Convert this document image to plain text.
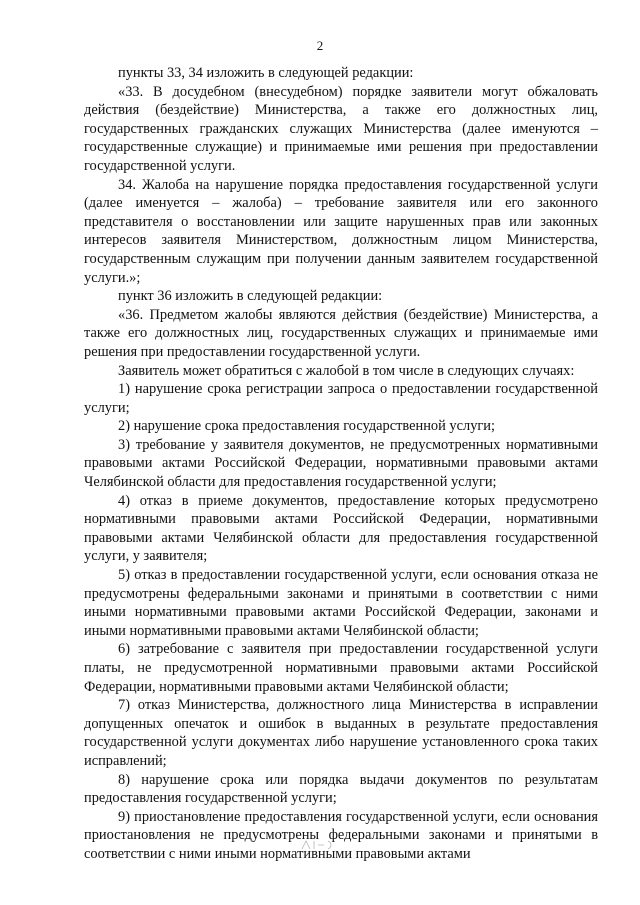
2

пункты 33, 34 изложить в следующей редакции:

«33. В досудебном (внесудебном) порядке заявители могут обжаловать действия (бездействие) Министерства, а также его должностных лиц, государственных гражданских служащих Министерства (далее именуются – государственные служащие) и принимаемые ими решения при предоставлении государственной услуги.

34. Жалоба на нарушение порядка предоставления государственной услуги (далее именуется – жалоба) – требование заявителя или его законного представителя о восстановлении или защите нарушенных прав или законных интересов заявителя Министерством, должностным лицом Министерства, государственным служащим при получении данным заявителем государственной услуги.»;

пункт 36 изложить в следующей редакции:

«36. Предметом жалобы являются действия (бездействие) Министерства, а также его должностных лиц, государственных служащих и принимаемые ими решения при предоставлении государственной услуги.

Заявитель может обратиться с жалобой в том числе в следующих случаях:

1) нарушение срока регистрации запроса о предоставлении государственной услуги;

2) нарушение срока предоставления государственной услуги;

3) требование у заявителя документов, не предусмотренных нормативными правовыми актами Российской Федерации, нормативными правовыми актами Челябинской области для предоставления государственной услуги;

4) отказ в приеме документов, предоставление которых предусмотрено нормативными правовыми актами Российской Федерации, нормативными правовыми актами Челябинской области для предоставления государственной услуги, у заявителя;

5) отказ в предоставлении государственной услуги, если основания отказа не предусмотрены федеральными законами и принятыми в соответствии с ними иными нормативными правовыми актами Российской Федерации, законами и иными нормативными правовыми актами Челябинской области;

6) затребование с заявителя при предоставлении государственной услуги платы, не предусмотренной нормативными правовыми актами Российской Федерации, нормативными правовыми актами Челябинской области;

7) отказ Министерства, должностного лица Министерства в исправлении допущенных опечаток и ошибок в выданных в результате предоставления государственной услуги документах либо нарушение установленного срока таких исправлений;

8) нарушение срока или порядка выдачи документов по результатам предоставления государственной услуги;

9) приостановление предоставления государственной услуги, если основания приостановления не предусмотрены федеральными законами и принятыми в соответствии с ними иными нормативными правовыми актами
